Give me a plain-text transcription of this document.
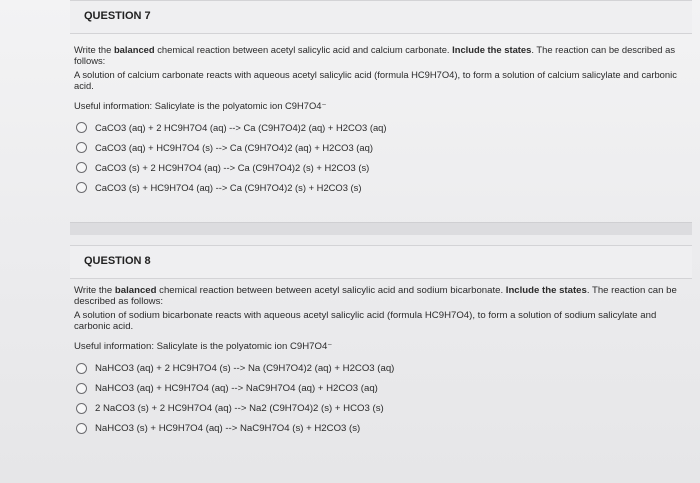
QUESTION 7

Write the balanced chemical reaction between acetyl salicylic acid and calcium carbonate. Include the states. The reaction can be described as follows:

A solution of calcium carbonate reacts with aqueous acetyl salicylic acid (formula HC9H7O4), to form a solution of calcium salicylate and carbonic acid.

Useful information: Salicylate is the polyatomic ion C9H7O4⁻

CaCO3 (aq) + 2 HC9H7O4 (aq) --> Ca (C9H7O4)2 (aq) + H2CO3 (aq)
CaCO3 (aq) + HC9H7O4 (s) --> Ca (C9H7O4)2 (aq) + H2CO3 (aq)
CaCO3 (s) + 2 HC9H7O4 (aq) --> Ca (C9H7O4)2 (s) + H2CO3 (s)
CaCO3 (s) + HC9H7O4 (aq) --> Ca (C9H7O4)2 (s) + H2CO3 (s)
QUESTION 8

Write the balanced chemical reaction between between acetyl salicylic acid and sodium bicarbonate. Include the states. The reaction can be described as follows:

A solution of sodium bicarbonate reacts with aqueous acetyl salicylic acid (formula HC9H7O4), to form a solution of sodium salicylate and carbonic acid.

Useful information: Salicylate is the polyatomic ion C9H7O4⁻

NaHCO3 (aq) + 2 HC9H7O4 (s) --> Na (C9H7O4)2 (aq) + H2CO3 (aq)
NaHCO3 (aq) + HC9H7O4 (aq) --> NaC9H7O4 (aq) + H2CO3 (aq)
2 NaCO3 (s) + 2 HC9H7O4 (aq) --> Na2 (C9H7O4)2 (s) + HCO3 (s)
NaHCO3 (s) + HC9H7O4 (aq) --> NaC9H7O4 (s) + H2CO3 (s)
